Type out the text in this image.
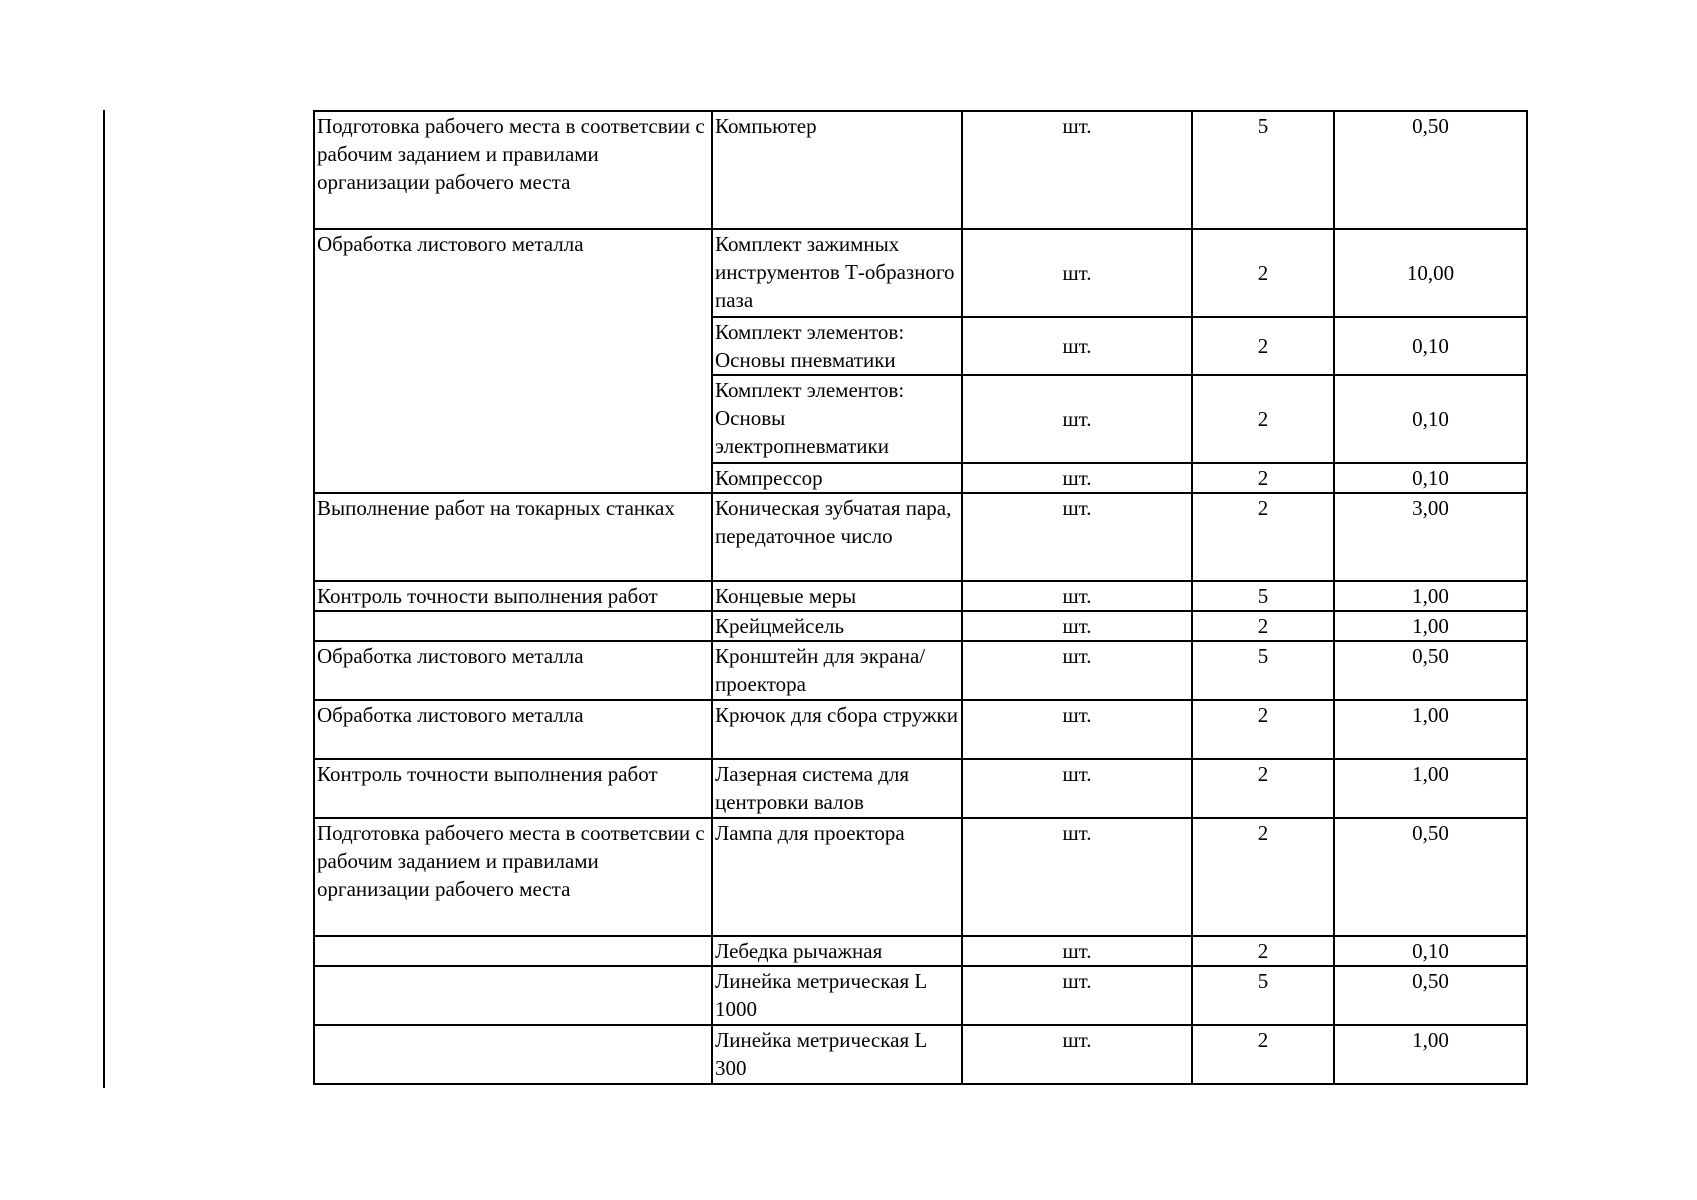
Подготовка рабочего места в соответсвии с рабочим заданием и правилами организации рабочего места	Компьютер	шт.	5	0,50
Обработка листового металла	Комплект зажимных инструментов Т-образного паза	шт.	2	10,00
	Комплект элементов: Основы пневматики	шт.	2	0,10
	Комплект элементов: Основы электропневматики	шт.	2	0,10
	Компрессор	шт.	2	0,10
Выполнение работ на токарных станках	Коническая зубчатая пара, передаточное число	шт.	2	3,00
Контроль точности выполнения работ	Концевые меры	шт.	5	1,00
	Крейцмейсель	шт.	2	1,00
Обработка листового металла	Кронштейн для экрана/ проектора	шт.	5	0,50
Обработка листового металла	Крючок для сбора стружки	шт.	2	1,00
Контроль точности выполнения работ	Лазерная система для центровки валов	шт.	2	1,00
Подготовка рабочего места в соответсвии с рабочим заданием и правилами организации рабочего места	Лампа для проектора	шт.	2	0,50
	Лебедка рычажная	шт.	2	0,10
	Линейка метрическая L 1000	шт.	5	0,50
	Линейка метрическая L 300	шт.	2	1,00
